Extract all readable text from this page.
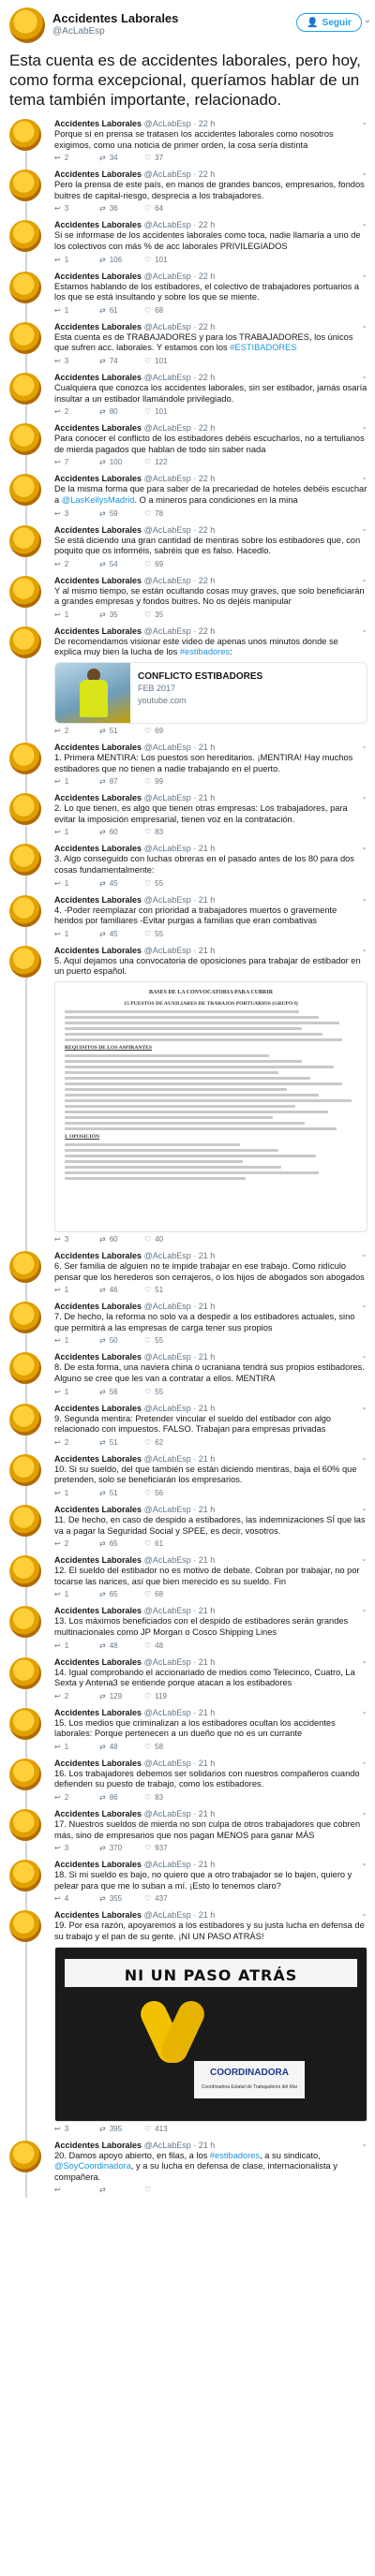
Accidentes Laborales
@AcLabEsp
👤 Seguir ⌄
Esta cuenta es de accidentes laborales, pero hoy, como forma excepcional, queríamos hablar de un tema también importante, relacionado.
Accidentes Laborales @AcLabEsp · 22 h	⌄
Porque sí en prensa se tratasen los accidentes laborales como nosotros exigimos, como una noticia de primer orden, la cosa sería distinta
↩ 2	⇄ 34	♡ 37
Accidentes Laborales @AcLabEsp · 22 h	⌄
Pero la prensa de este país, en manos de grandes bancos, empresarios, fondos buitres de capital-riesgo, desprecia a los trabajadores.
↩ 3	⇄ 36	♡ 64
Accidentes Laborales @AcLabEsp · 22 h	⌄
Si se informase de los accidentes laborales como toca, nadie llamaría a uno de los colectivos con más % de acc laborales PRIVILEGIADOS
↩ 1	⇄ 106	♡ 101
Accidentes Laborales @AcLabEsp · 22 h	⌄
Estamos hablando de los estibadores, el colectivo de trabajadores portuarios a los que se está insultando y sobre los que se miente.
↩ 1	⇄ 61	♡ 68
Accidentes Laborales @AcLabEsp · 22 h	⌄
Esta cuenta es de TRABAJADORES y para los TRABAJADORES, los únicos que sufren acc. laborales. Y estamos con los #ESTIBADORES
↩ 3	⇄ 74	♡ 101
Accidentes Laborales @AcLabEsp · 22 h	⌄
Cualquiera que conozca los accidentes laborales, sin ser estibador, jamás osaría insultar a un estibador llamándole privilegiado.
↩ 2	⇄ 80	♡ 101
Accidentes Laborales @AcLabEsp · 22 h	⌄
Para conocer el conflicto de los estibadores debéis escucharlos, no a tertulianos de mierda pagados que hablan de todo sin saber nada
↩ 7	⇄ 100	♡ 122
Accidentes Laborales @AcLabEsp · 22 h	⌄
De la misma forma que para saber de la precariedad de hoteles debéis escuchar a @LasKellysMadrid. O a mineros para condiciones en la mina
↩ 3	⇄ 59	♡ 78
Accidentes Laborales @AcLabEsp · 22 h	⌄
Se está diciendo una gran cantidad de mentiras sobre los estibadores que, con poquito que os informéis, sabréis que es falso. Hacedlo.
↩ 2	⇄ 54	♡ 69
Accidentes Laborales @AcLabEsp · 22 h	⌄
Y al mismo tiempo, se están ocultando cosas muy graves, que solo beneficiarán a grandes empresas y fondos buitres. No os dejéis manipular
↩ 1	⇄ 35	♡ 35
Accidentes Laborales @AcLabEsp · 22 h	⌄
De recomendamos visionar este video de apenas unos minutos donde se explica muy bien la lucha de los #estibadores:
CONFLICTO ESTIBADORES
FEB 2017
youtube.com
↩ 2	⇄ 51	♡ 69
Accidentes Laborales @AcLabEsp · 21 h	⌄
1. Primera MENTIRA: Los puestos son hereditarios. ¡MENTIRA! Hay muchos estibadores que no tienen a nadie trabajando en el puerto.
↩ 1	⇄ 87	♡ 99
Accidentes Laborales @AcLabEsp · 21 h	⌄
2. Lo que tienen, es algo que tienen otras empresas: Los trabajadores, para evitar la imposición empresarial, tienen voz en la contratación.
↩ 1	⇄ 60	♡ 83
Accidentes Laborales @AcLabEsp · 21 h	⌄
3. Algo conseguido con luchas obreras en el pasado antes de los 80 para dos cosas fundamentalmente:
↩ 1	⇄ 45	♡ 55
Accidentes Laborales @AcLabEsp · 21 h	⌄
4. -Poder reemplazar con prioridad a trabajadores muertos o gravemente heridos por familiares -Evitar purgas a familias que eran combativas
↩ 1	⇄ 45	♡ 55
Accidentes Laborales @AcLabEsp · 21 h	⌄
5. Aquí dejamos una convocatoria de oposiciones para trabajar de estibador en un puerto español.
BASES DE LA CONVOCATORIA PARA CUBRIR
15 PUESTOS DE AUXILIARES DE TRABAJOS PORTUARIOS (GRUPO I)
REQUISITOS DE LOS ASPIRANTES
I. OPOSICIÓN
↩ 3	⇄ 60	♡ 40
Accidentes Laborales @AcLabEsp · 21 h	⌄
6. Ser familia de alguien no te impide trabajar en ese trabajo. Como ridículo pensar que los herederos son cerrajeros, o los hijos de abogados son abogados
↩ 1	⇄ 46	♡ 51
Accidentes Laborales @AcLabEsp · 21 h	⌄
7. De hecho, la reforma no solo va a despedir a los estibadores actuales, sino que permitirá a las empresas de carga tener sus propios
↩ 1	⇄ 50	♡ 55
Accidentes Laborales @AcLabEsp · 21 h	⌄
8. De esta forma, una naviera china o ucraniana tendrá sus propios estibadores. Alguno se cree que les van a contratar a ellos. MENTIRA
↩ 1	⇄ 56	♡ 55
Accidentes Laborales @AcLabEsp · 21 h	⌄
9. Segunda mentira: Pretender vincular el sueldo del estibador con algo relacionado con impuestos. FALSO. Trabajan para empresas privadas
↩ 2	⇄ 51	♡ 62
Accidentes Laborales @AcLabEsp · 21 h	⌄
10. Si su sueldo, del que también se están diciendo mentiras, baja el 60% que pretenden, solo se beneficiarán los empresarios.
↩ 1	⇄ 51	♡ 56
Accidentes Laborales @AcLabEsp · 21 h	⌄
11. De hecho, en caso de despido a estibadores, las indemnizaciones SÍ que las va a pagar la Seguridad Social y SPEE, es decir, vosotros.
↩ 2	⇄ 65	♡ 61
Accidentes Laborales @AcLabEsp · 21 h	⌄
12. El sueldo del estibador no es motivo de debate. Cobran por trabajar, no por tocarse las narices, así que bien merecido es su sueldo. Fin
↩ 1	⇄ 65	♡ 68
Accidentes Laborales @AcLabEsp · 21 h	⌄
13. Los máximos beneficiados con el despido de estibadores serán grandes multinacionales como JP Morgan o Cosco Shipping Lines
↩ 1	⇄ 48	♡ 48
Accidentes Laborales @AcLabEsp · 21 h	⌄
14. Igual comprobando el accionariado de medios como Telecinco, Cuatro, La Sexta y Antena3 se entiende porque atacan a los estibadores
↩ 2	⇄ 129	♡ 119
Accidentes Laborales @AcLabEsp · 21 h	⌄
15. Los medios que criminalizan a los estibadores ocultan los accidentes laborales: Porque pertenecen a un dueño que no es un currante
↩ 1	⇄ 48	♡ 58
Accidentes Laborales @AcLabEsp · 21 h	⌄
16. Los trabajadores debemos ser solidarios con nuestros compañeros cuando defienden su puesto de trabajo, como los estibadores.
↩ 2	⇄ 86	♡ 83
Accidentes Laborales @AcLabEsp · 21 h	⌄
17. Nuestros sueldos de mierda no son culpa de otros trabajadores que cobren más, sino de empresarios que nos pagan MENOS para ganar MÁS
↩ 3	⇄ 370	♡ 937
Accidentes Laborales @AcLabEsp · 21 h	⌄
18. Si mi sueldo es bajo, no quiero que a otro trabajador se lo bajen, quiero y pelear para que me lo suban a mí. ¡Esto lo tenemos claro?
↩ 4	⇄ 355	♡ 437
Accidentes Laborales @AcLabEsp · 21 h	⌄
19. Por esa razón, apoyaremos a los estibadores y su justa lucha en defensa de su trabajo y el pan de su gente. ¡NI UN PASO ATRÁS!
NI UN PASO ATRÁS
COORDINADORA
Coordinadora Estatal de Trabajadores del Mar
↩ 3	⇄ 395	♡ 413
Accidentes Laborales @AcLabEsp · 21 h	⌄
20. Damos apoyo abierto, en filas, a los #estibadores, a su sindicato, @SoyCoordinadora, y a su lucha en defensa de clase, internacionalista y compañera.
↩	⇄	♡
